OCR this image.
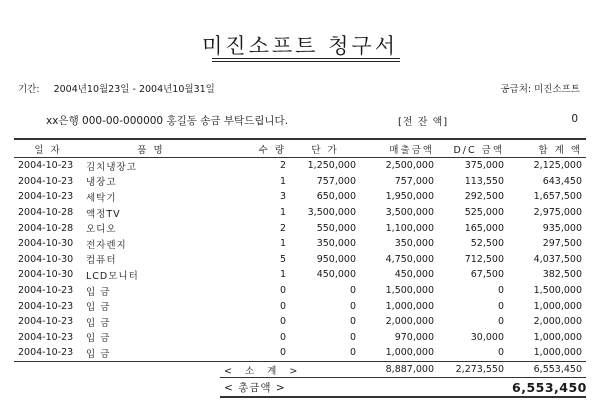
미진소프트 청구서
기간: 2004년10월23일 - 2004년10월31일	공급처: 미진소프트
xx은행 000-00-000000 홍길동 송금 부탁드립니다.	[전 잔 액]	0
일 자	품 명	수 량	단 가	매출금액	D/C 금액	합 계 액
2004-10-23	김치냉장고	2	1,250,000	2,500,000	375,000	2,125,000
2004-10-23	냉장고	1	757,000	757,000	113,550	643,450
2004-10-23	세탁기	3	650,000	1,950,000	292,500	1,657,500
2004-10-28	액정TV	1	3,500,000	3,500,000	525,000	2,975,000
2004-10-28	오디오	2	550,000	1,100,000	165,000	935,000
2004-10-30	전자렌지	1	350,000	350,000	52,500	297,500
2004-10-30	컴퓨터	5	950,000	4,750,000	712,500	4,037,500
2004-10-30	LCD모니터	1	450,000	450,000	67,500	382,500
2004-10-23	입 금	0	0	1,500,000	0	1,500,000
2004-10-23	입 금	0	0	1,000,000	0	1,000,000
2004-10-23	입 금	0	0	2,000,000	0	2,000,000
2004-10-23	입 금	0	0	970,000	30,000	1,000,000
2004-10-23	입 금	0	0	1,000,000	0	1,000,000
		< 소 계 >		8,887,000	2,273,550	6,553,450
		< 총금액 >				6,553,450
